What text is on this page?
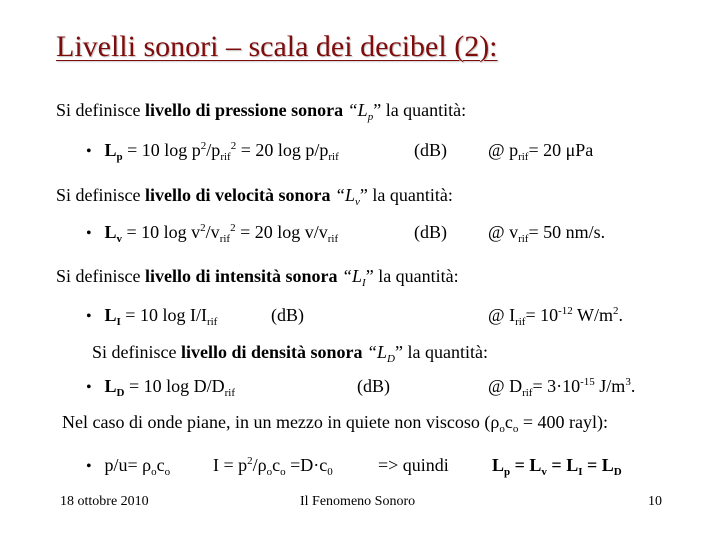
Livelli sonori – scala dei decibel (2):
Si definisce livello di pressione sonora “$L_p$” la quantità:
• $L_p = 10$ $\log p^2/p_{rif}^2 = 20$ $\log p/p_{rif}$	(dB) @ $p_{rif}= 20$ μPa
Si definisce livello di velocità sonora “$L_v$” la quantità:
• $L_v = 10$ $\log v^2/v_{rif}^2 = 20$ $\log v/v_{rif}$	(dB) @ $v_{rif}= 50$ nm/s.
Si definisce livello di intensità sonora “$L_I$” la quantità:
• $L_I = 10$ $\log I/I_{rif}$	(dB)	@ $I_{rif}= 10^{-12}$ $W/m^2$.
Si definisce livello di densità sonora “$L_D$” la quantità:
• $L_D = 10$ $\log D/D_{rif}$	(dB)	@ $D_{rif}= 3\cdot 10^{-15}$ $J/m^3$.
Nel caso di onde piane, in un mezzo in quiete non viscoso ($\rho_oc_o = 400$ rayl):
• $p/u= \rho_oc_o$ $I = p^2/\rho_oc_o =D\cdot c_0$	=> quindi $L_p = L_v = L_I = L_D$
18 ottobre 2010	Il Fenomeno Sonoro	10
